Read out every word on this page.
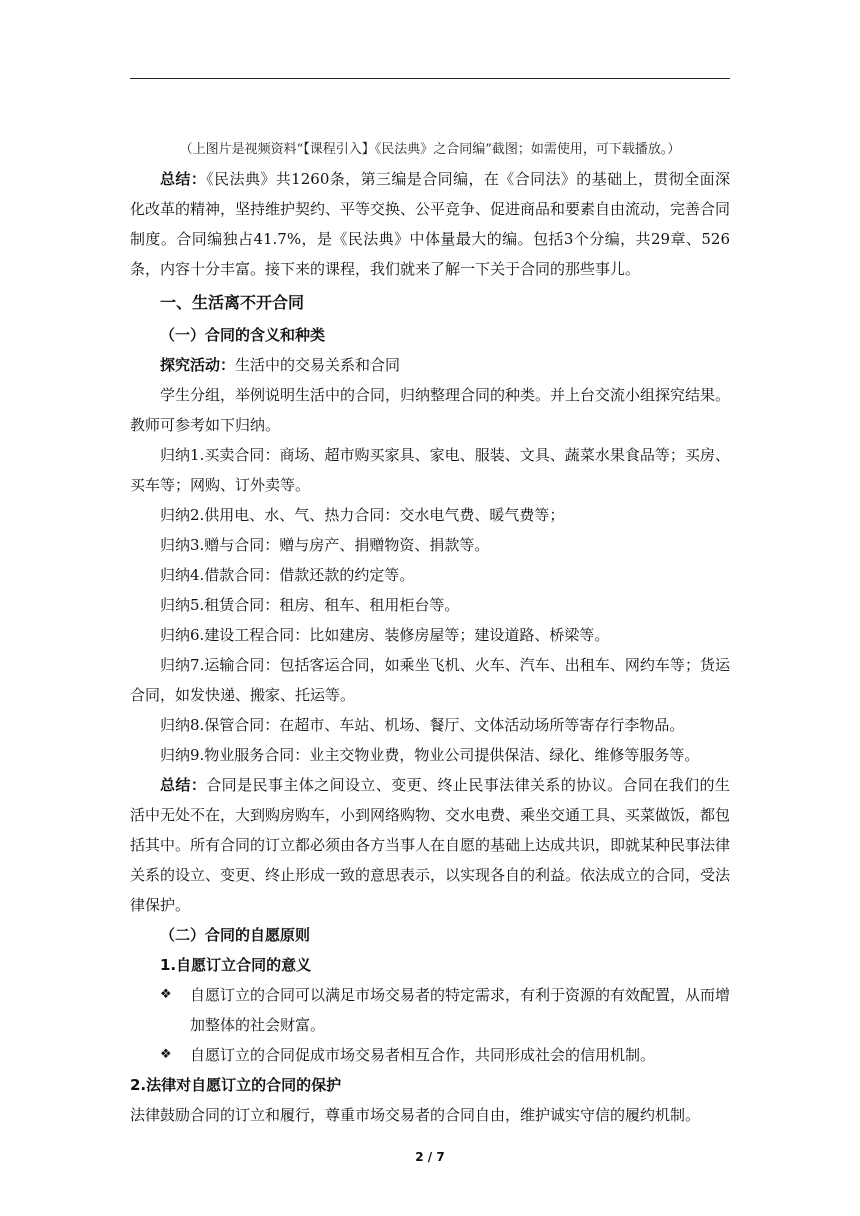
（上图片是视频资料“【课程引入】《民法典》之合同编”截图；如需使用，可下载播放。）

总结：《民法典》共1260条，第三编是合同编，在《合同法》的基础上，贯彻全面深化改革的精神，坚持维护契约、平等交换、公平竞争、促进商品和要素自由流动，完善合同制度。合同编独占41.7%，是《民法典》中体量最大的编。包括3个分编，共29章、526条，内容十分丰富。接下来的课程，我们就来了解一下关于合同的那些事儿。

一、生活离不开合同

（一）合同的含义和种类

探究活动：生活中的交易关系和合同

学生分组，举例说明生活中的合同，归纳整理合同的种类。并上台交流小组探究结果。教师可参考如下归纳。

归纳1.买卖合同：商场、超市购买家具、家电、服装、文具、蔬菜水果食品等；买房、买车等；网购、订外卖等。

归纳2.供用电、水、气、热力合同：交水电气费、暖气费等；

归纳3.赠与合同：赠与房产、捐赠物资、捐款等。

归纳4.借款合同：借款还款的约定等。

归纳5.租赁合同：租房、租车、租用柜台等。

归纳6.建设工程合同：比如建房、装修房屋等；建设道路、桥梁等。

归纳7.运输合同：包括客运合同，如乘坐飞机、火车、汽车、出租车、网约车等；货运合同，如发快递、搬家、托运等。

归纳8.保管合同：在超市、车站、机场、餐厅、文体活动场所等寄存行李物品。

归纳9.物业服务合同：业主交物业费，物业公司提供保洁、绿化、维修等服务等。

总结：合同是民事主体之间设立、变更、终止民事法律关系的协议。合同在我们的生活中无处不在，大到购房购车，小到网络购物、交水电费、乘坐交通工具、买菜做饭，都包括其中。所有合同的订立都必须由各方当事人在自愿的基础上达成共识，即就某种民事法律关系的设立、变更、终止形成一致的意思表示，以实现各自的利益。依法成立的合同，受法律保护。

（二）合同的自愿原则

1.自愿订立合同的意义

❖ 自愿订立的合同可以满足市场交易者的特定需求，有利于资源的有效配置，从而增加整体的社会财富。

❖ 自愿订立的合同促成市场交易者相互合作，共同形成社会的信用机制。

2.法律对自愿订立的合同的保护

法律鼓励合同的订立和履行，尊重市场交易者的合同自由，维护诚实守信的履约机制。

2 / 7
